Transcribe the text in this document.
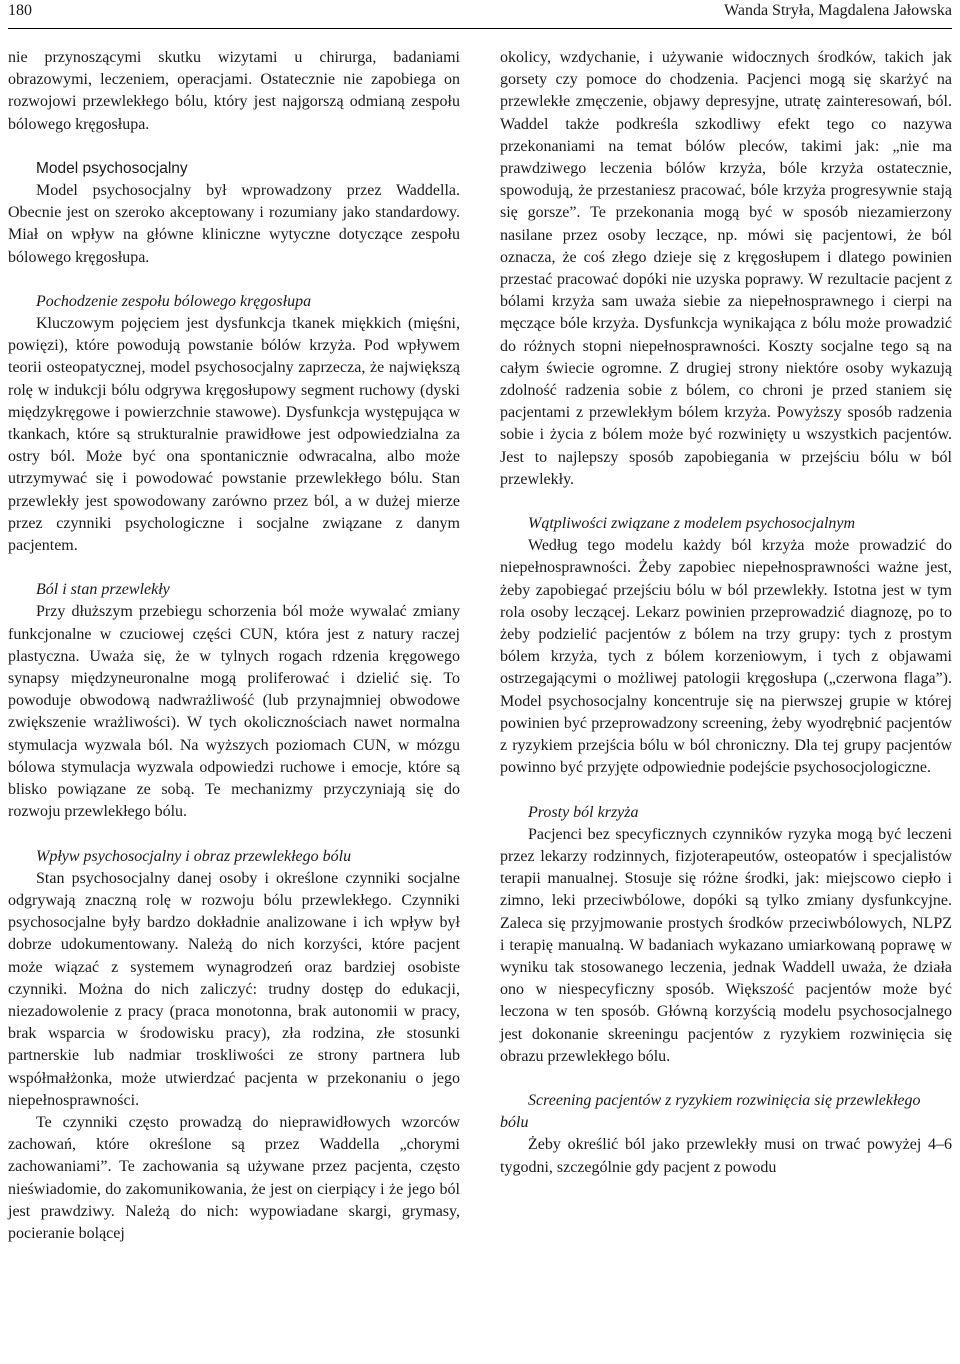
180	Wanda Stryła, Magdalena Jałowska

nie przynoszącymi skutku wizytami u chirurga, badaniami obrazowymi, leczeniem, operacjami. Ostatecznie nie zapobiega on rozwojowi przewlekłego bólu, który jest najgorszą odmianą zespołu bólowego kręgosłupa.

Model psychosocjalny

Model psychosocjalny był wprowadzony przez Waddella. Obecnie jest on szeroko akceptowany i rozumiany jako standardowy. Miał on wpływ na główne kliniczne wytyczne dotyczące zespołu bólowego kręgosłupa.

Pochodzenie zespołu bólowego kręgosłupa

Kluczowym pojęciem jest dysfunkcja tkanek miękkich (mięśni, powięzi), które powodują powstanie bólów krzyża. Pod wpływem teorii osteopatycznej, model psychosocjalny zaprzecza, że największą rolę w indukcji bólu odgrywa kręgosłupowy segment ruchowy (dyski międzykręgowe i powierzchnie stawowe). Dysfunkcja występująca w tkankach, które są strukturalnie prawidłowe jest odpowiedzialna za ostry ból. Może być ona spontanicznie odwracalna, albo może utrzymywać się i powodować powstanie przewlekłego bólu. Stan przewlekły jest spowodowany zarówno przez ból, a w dużej mierze przez czynniki psychologiczne i socjalne związane z danym pacjentem.

Ból i stan przewlekły

Przy dłuższym przebiegu schorzenia ból może wywalać zmiany funkcjonalne w czuciowej części CUN, która jest z natury raczej plastyczna. Uważa się, że w tylnych rogach rdzenia kręgowego synapsy międzyneuronalne mogą proliferować i dzielić się. To powoduje obwodową nadwrażliwość (lub przynajmniej obwodowe zwiększenie wrażliwości). W tych okolicznościach nawet normalna stymulacja wyzwala ból. Na wyższych poziomach CUN, w mózgu bólowa stymulacja wyzwala odpowiedzi ruchowe i emocje, które są blisko powiązane ze sobą. Te mechanizmy przyczyniają się do rozwoju przewlekłego bólu.

Wpływ psychosocjalny i obraz przewlekłego bólu

Stan psychosocjalny danej osoby i określone czynniki socjalne odgrywają znaczną rolę w rozwoju bólu przewlekłego. Czynniki psychosocjalne były bardzo dokładnie analizowane i ich wpływ był dobrze udokumentowany. Należą do nich korzyści, które pacjent może wiązać z systemem wynagrodzeń oraz bardziej osobiste czynniki. Można do nich zaliczyć: trudny dostęp do edukacji, niezadowolenie z pracy (praca monotonna, brak autonomii w pracy, brak wsparcia w środowisku pracy), zła rodzina, złe stosunki partnerskie lub nadmiar troskliwości ze strony partnera lub współmałżonka, może utwierdzać pacjenta w przekonaniu o jego niepełnosprawności.

Te czynniki często prowadzą do nieprawidłowych wzorców zachowań, które określone są przez Waddella „chorymi zachowaniami”. Te zachowania są używane przez pacjenta, często nieświadomie, do zakomunikowania, że jest on cierpiący i że jego ból jest prawdziwy. Należą do nich: wypowiadane skargi, grymasy, pocieranie bolącej

okolicy, wzdychanie, i używanie widocznych środków, takich jak gorsety czy pomoce do chodzenia. Pacjenci mogą się skarżyć na przewlekłe zmęczenie, objawy depresyjne, utratę zainteresowań, ból. Waddel także podkreśla szkodliwy efekt tego co nazywa przekonaniami na temat bólów pleców, takimi jak: „nie ma prawdziwego leczenia bólów krzyża, bóle krzyża ostatecznie, spowodują, że przestaniesz pracować, bóle krzyża progresywnie stają się gorsze”. Te przekonania mogą być w sposób niezamierzony nasilane przez osoby leczące, np. mówi się pacjentowi, że ból oznacza, że coś złego dzieje się z kręgosłupem i dlatego powinien przestać pracować dopóki nie uzyska poprawy. W rezultacie pacjent z bólami krzyża sam uważa siebie za niepełnosprawnego i cierpi na męczące bóle krzyża. Dysfunkcja wynikająca z bólu może prowadzić do różnych stopni niepełnosprawności. Koszty socjalne tego są na całym świecie ogromne. Z drugiej strony niektóre osoby wykazują zdolność radzenia sobie z bólem, co chroni je przed staniem się pacjentami z przewlekłym bólem krzyża. Powyższy sposób radzenia sobie i życia z bólem może być rozwinięty u wszystkich pacjentów. Jest to najlepszy sposób zapobiegania w przejściu bólu w ból przewlekły.

Wątpliwości związane z modelem psychosocjalnym

Według tego modelu każdy ból krzyża może prowadzić do niepełnosprawności. Żeby zapobiec niepełnosprawności ważne jest, żeby zapobiegać przejściu bólu w ból przewlekły. Istotna jest w tym rola osoby leczącej. Lekarz powinien przeprowadzić diagnozę, po to żeby podzielić pacjentów z bólem na trzy grupy: tych z prostym bólem krzyża, tych z bólem korzeniowym, i tych z objawami ostrzegającymi o możliwej patologii kręgosłupa („czerwona flaga”). Model psychosocjalny koncentruje się na pierwszej grupie w której powinien być przeprowadzony screening, żeby wyodrębnić pacjentów z ryzykiem przejścia bólu w ból chroniczny. Dla tej grupy pacjentów powinno być przyjęte odpowiednie podejście psychosocjologiczne.

Prosty ból krzyża

Pacjenci bez specyficznych czynników ryzyka mogą być leczeni przez lekarzy rodzinnych, fizjoterapeutów, osteopatów i specjalistów terapii manualnej. Stosuje się różne środki, jak: miejscowo ciepło i zimno, leki przeciwbólowe, dopóki są tylko zmiany dysfunkcyjne. Zaleca się przyjmowanie prostych środków przeciwbólowych, NLPZ i terapię manualną. W badaniach wykazano umiarkowaną poprawę w wyniku tak stosowanego leczenia, jednak Waddell uważa, że działa ono w niespecyficzny sposób. Większość pacjentów może być leczona w ten sposób. Główną korzyścią modelu psychosocjalnego jest dokonanie skreeningu pacjentów z ryzykiem rozwinięcia się obrazu przewlekłego bólu.

Screening pacjentów z ryzykiem rozwinięcia się przewlekłego bólu

Żeby określić ból jako przewlekły musi on trwać powyżej 4–6 tygodni, szczególnie gdy pacjent z powodu
